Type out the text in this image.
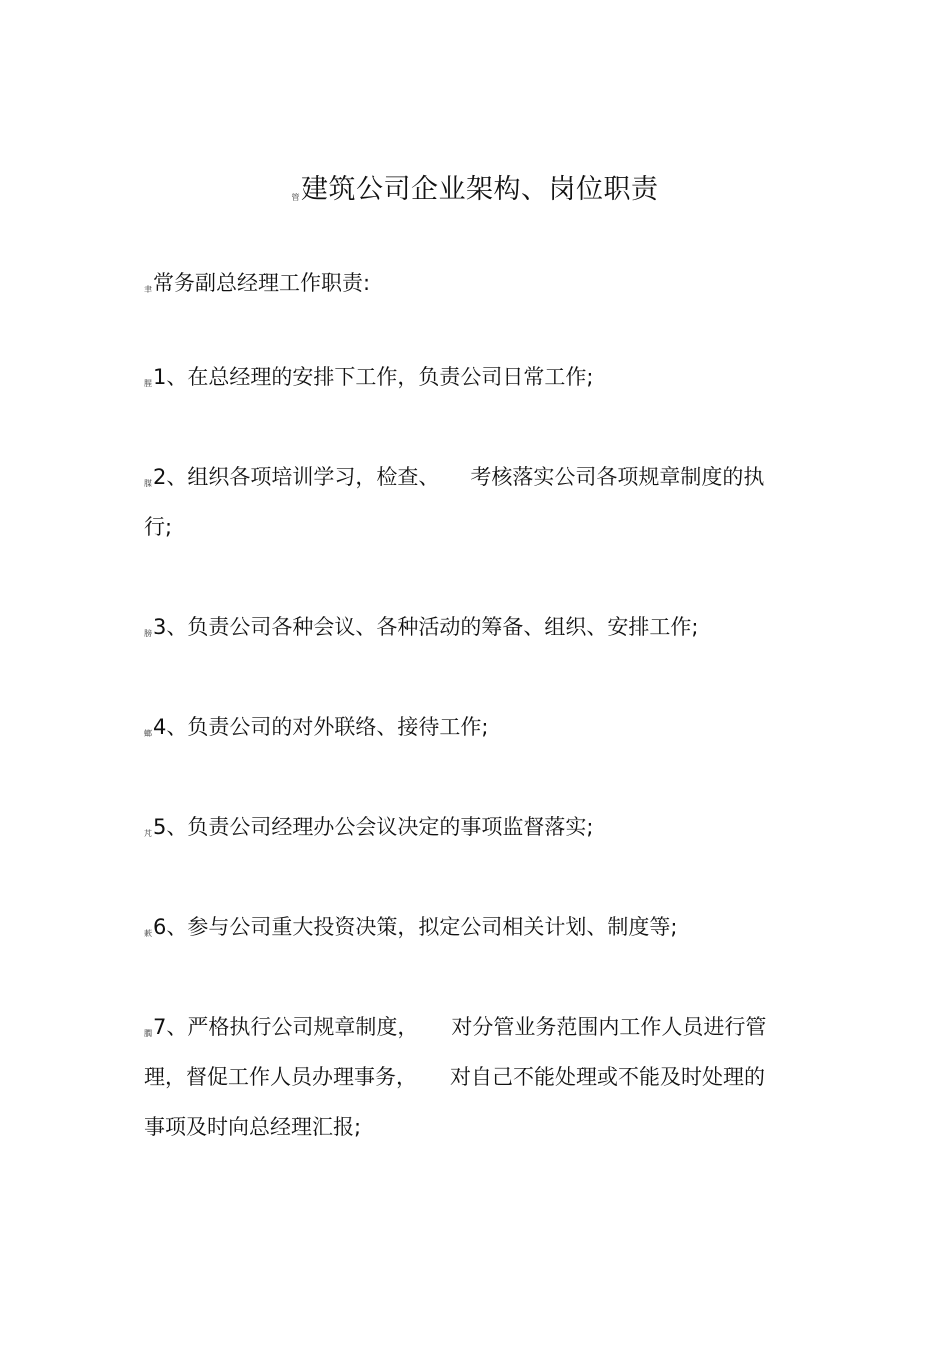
管建筑公司企业架构、岗位职责
聿常务副总经理工作职责:

腥1、在总经理的安排下工作，负责公司日常工作;

腜2、组织各项培训学习，检查、 考核落实公司各项规章制度的执
行;

膀3、负责公司各种会议、各种活动的筹备、组织、安排工作;

螂4、负责公司的对外联络、接待工作;

芃5、负责公司经理办公会议决定的事项监督落实;

蔌6、参与公司重大投资决策，拟定公司相关计划、制度等;

膶7、严格执行公司规章制度， 对分管业务范围内工作人员进行管
理，督促工作人员办理事务， 对自己不能处理或不能及时处理的
事项及时向总经理汇报;
